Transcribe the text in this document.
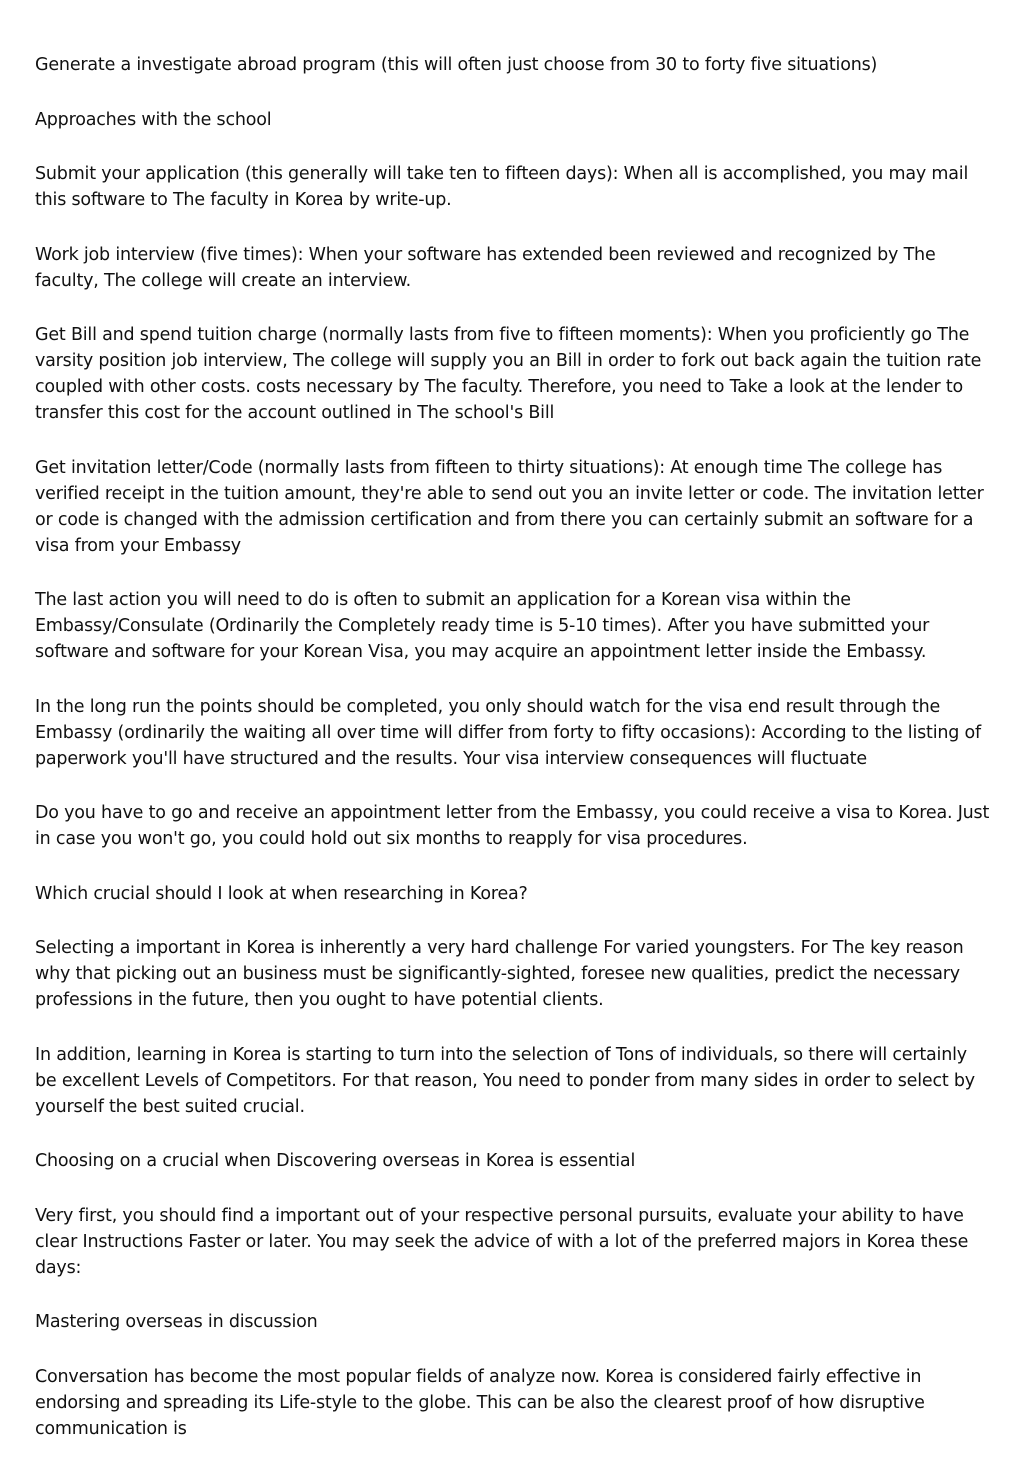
Generate a investigate abroad program (this will often just choose from 30 to forty five situations)

Approaches with the school

Submit your application (this generally will take ten to fifteen days): When all is accomplished, you may mail this software to The faculty in Korea by write-up.

Work job interview (five times): When your software has extended been reviewed and recognized by The faculty, The college will create an interview.

Get Bill and spend tuition charge (normally lasts from five to fifteen moments): When you proficiently go The varsity position job interview, The college will supply you an Bill in order to fork out back again the tuition rate coupled with other costs. costs necessary by The faculty. Therefore, you need to Take a look at the lender to transfer this cost for the account outlined in The school's Bill

Get invitation letter/Code (normally lasts from fifteen to thirty situations): At enough time The college has verified receipt in the tuition amount, they're able to send out you an invite letter or code. The invitation letter or code is changed with the admission certification and from there you can certainly submit an software for a visa from your Embassy

The last action you will need to do is often to submit an application for a Korean visa within the Embassy/Consulate (Ordinarily the Completely ready time is 5-10 times). After you have submitted your software and software for your Korean Visa, you may acquire an appointment letter inside the Embassy.

In the long run the points should be completed, you only should watch for the visa end result through the Embassy (ordinarily the waiting all over time will differ from forty to fifty occasions): According to the listing of paperwork you'll have structured and the results. Your visa interview consequences will fluctuate

Do you have to go and receive an appointment letter from the Embassy, you could receive a visa to Korea. Just in case you won't go, you could hold out six months to reapply for visa procedures.

Which crucial should I look at when researching in Korea?

Selecting a important in Korea is inherently a very hard challenge For varied youngsters. For The key reason why that picking out an business must be significantly-sighted, foresee new qualities, predict the necessary professions in the future, then you ought to have potential clients.

In addition, learning in Korea is starting to turn into the selection of Tons of individuals, so there will certainly be excellent Levels of Competitors. For that reason, You need to ponder from many sides in order to select by yourself the best suited crucial.

Choosing on a crucial when Discovering overseas in Korea is essential

Very first, you should find a important out of your respective personal pursuits, evaluate your ability to have clear Instructions Faster or later. You may seek the advice of with a lot of the preferred majors in Korea these days:

Mastering overseas in discussion

Conversation has become the most popular fields of analyze now. Korea is considered fairly effective in endorsing and spreading its Life-style to the globe. This can be also the clearest proof of how disruptive communication is
